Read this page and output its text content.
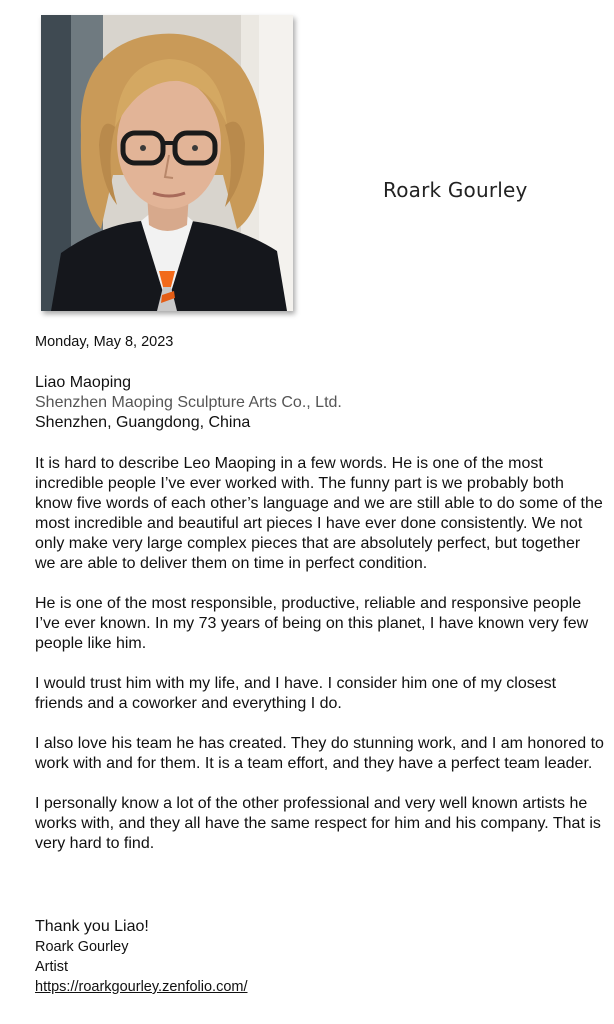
Roark Gourley
Monday, May 8, 2023
Liao Maoping
Shenzhen Maoping Sculpture Arts Co., Ltd.
Shenzhen, Guangdong, China

It is hard to describe Leo Maoping in a few words. He is one of the most incredible people I’ve ever worked with. The funny part is we probably both know five words of each other’s language and we are still able to do some of the most incredible and beautiful art pieces I have ever done consistently. We not only make very large complex pieces that are absolutely perfect, but together we are able to deliver them on time in perfect condition.

He is one of the most responsible, productive, reliable and responsive people I’ve ever known. In my 73 years of being on this planet, I have known very few people like him.

I would trust him with my life, and I have. I consider him one of my closest friends and a coworker and everything I do.

I also love his team he has created. They do stunning work, and I am honored to work with and for them. It is a team effort, and they have a perfect team leader.

I personally know a lot of the other professional and very well known artists he works with, and they all have the same respect for him and his company. That is very hard to find.

Thank you Liao!
Roark Gourley
Artist
https://roarkgourley.zenfolio.com/
